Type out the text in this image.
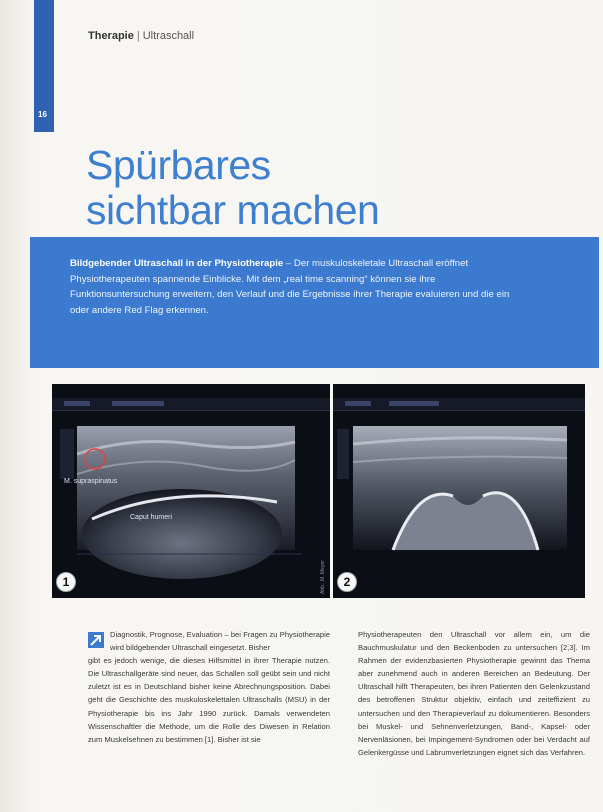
16
Therapie | Ultraschall
Spürbares
sichtbar machen
Bildgebender Ultraschall in der Physiotherapie – Der muskuloskeletale Ultraschall eröffnet Physiotherapeuten spannende Einblicke. Mit dem „real time scanning“ können sie ihre Funktionsuntersuchung erweitern, den Verlauf und die Ergebnisse ihrer Therapie evaluieren und die ein oder andere Red Flag erkennen.
M. supraspinatus
Caput humeri
1	Abb.: M. Meyer	2
Diagnostik, Prognose, Evaluation – bei Fragen zu Physiotherapie wird bildgebender Ultraschall eingesetzt. Bisher
gibt es jedoch wenige, die dieses Hilfsmittel in ihrer Therapie nutzen. Die Ultraschallgeräte sind neuer, das Schallen soll geübt sein und nicht zuletzt ist es in Deutschland bisher keine Abrechnungsposition. Dabei geht die Geschichte des muskuloskelettalen Ultraschalls (MSU) in der Physiotherapie bis ins Jahr 1990 zurück. Damals verwendeten Wissenschaftler die Methode, um die Rolle des Diwesen in Relation zum Muskelsehnen zu bestimmen [1]. Bisher ist sie
Physiotherapeuten den Ultraschall vor allem ein, um die Bauchmuskulatur und den Beckenboden zu untersuchen [2,3]. Im Rahmen der evidenzbasierten Physiotherapie gewinnt das Thema aber zunehmend auch in anderen Bereichen an Bedeutung. Der Ultraschall hilft Therapeuten, bei ihren Patienten den Gelenkzustand des betroffenen Struktur objektiv, einfach und zeiteffizient zu untersuchen und den Therapieverlauf zu dokumentieren. Besonders bei Muskel- und Sehnenverletzungen, Band-, Kapsel- oder Nervenläsionen, bei Impingement-Syndromen oder bei Verdacht auf Gelenkergüsse und Labrumverletzungen eignet sich das Verfahren.
